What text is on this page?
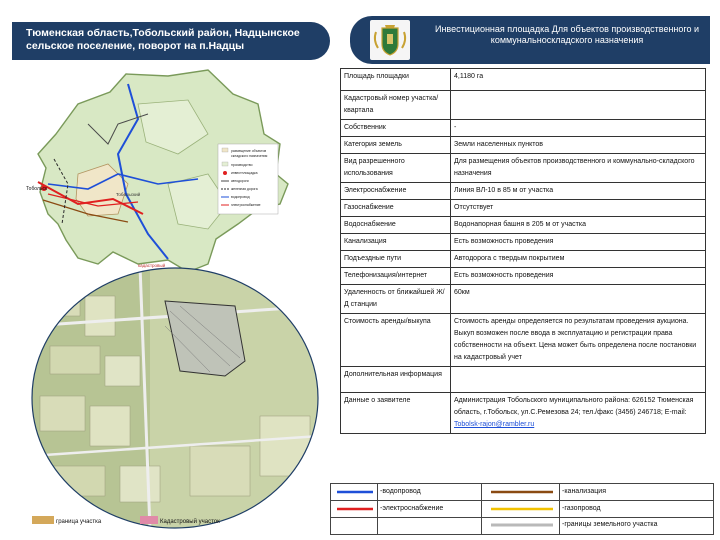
Тюменская область,Тобольский район, Надцынское сельское поселение, поворот на п.Надцы
Инвестиционная площадка Для объектов производственного и коммунальноскладского назначения
Тобольск
Тобольский
кадастровый
размещение объектов
складского назначения
производство
инвестплощадка
автодороги
железная дорога
водопровод
электроснабжение
граница участка	Кадастровый участок
Площадь площадки	4,1180 га
Кадастровый номер участка/квартала	
Собственник	-
Категория земель	Земли населенных пунктов
Вид разрешенного использования	Для размещения объектов производственного и коммунально-складского назначения
Электроснабжение	Линия ВЛ-10 в 85 м от участка
Газоснабжение	Отсутствует
Водоснабжение	Водонапорная башня в 205 м от участка
Канализация	Есть возможность проведения
Подъездные пути	Автодорога с твердым покрытием
Телефонизация/интернет	Есть возможность проведения
Удаленность от ближайшей Ж/Д станции	60км
Стоимость аренды/выкупа	Стоимость аренды определяется по результатам проведения аукциона. Выкуп возможен после ввода в эксплуатацию и регистрации права собственности на объект. Цена может быть определена после постановки на кадастровый учет
Дополнительная информация	
Данные о заявителе	Администрация Тобольского муниципального района: 626152 Тюменская область, г.Тобольск, ул.С.Ремезова 24; тел./факс (3456) 246718; E-mail: Tobolsk-rajon@rambler.ru
-водопровод
-электроснабжение
-канализация
-газопровод
-границы земельного участка
